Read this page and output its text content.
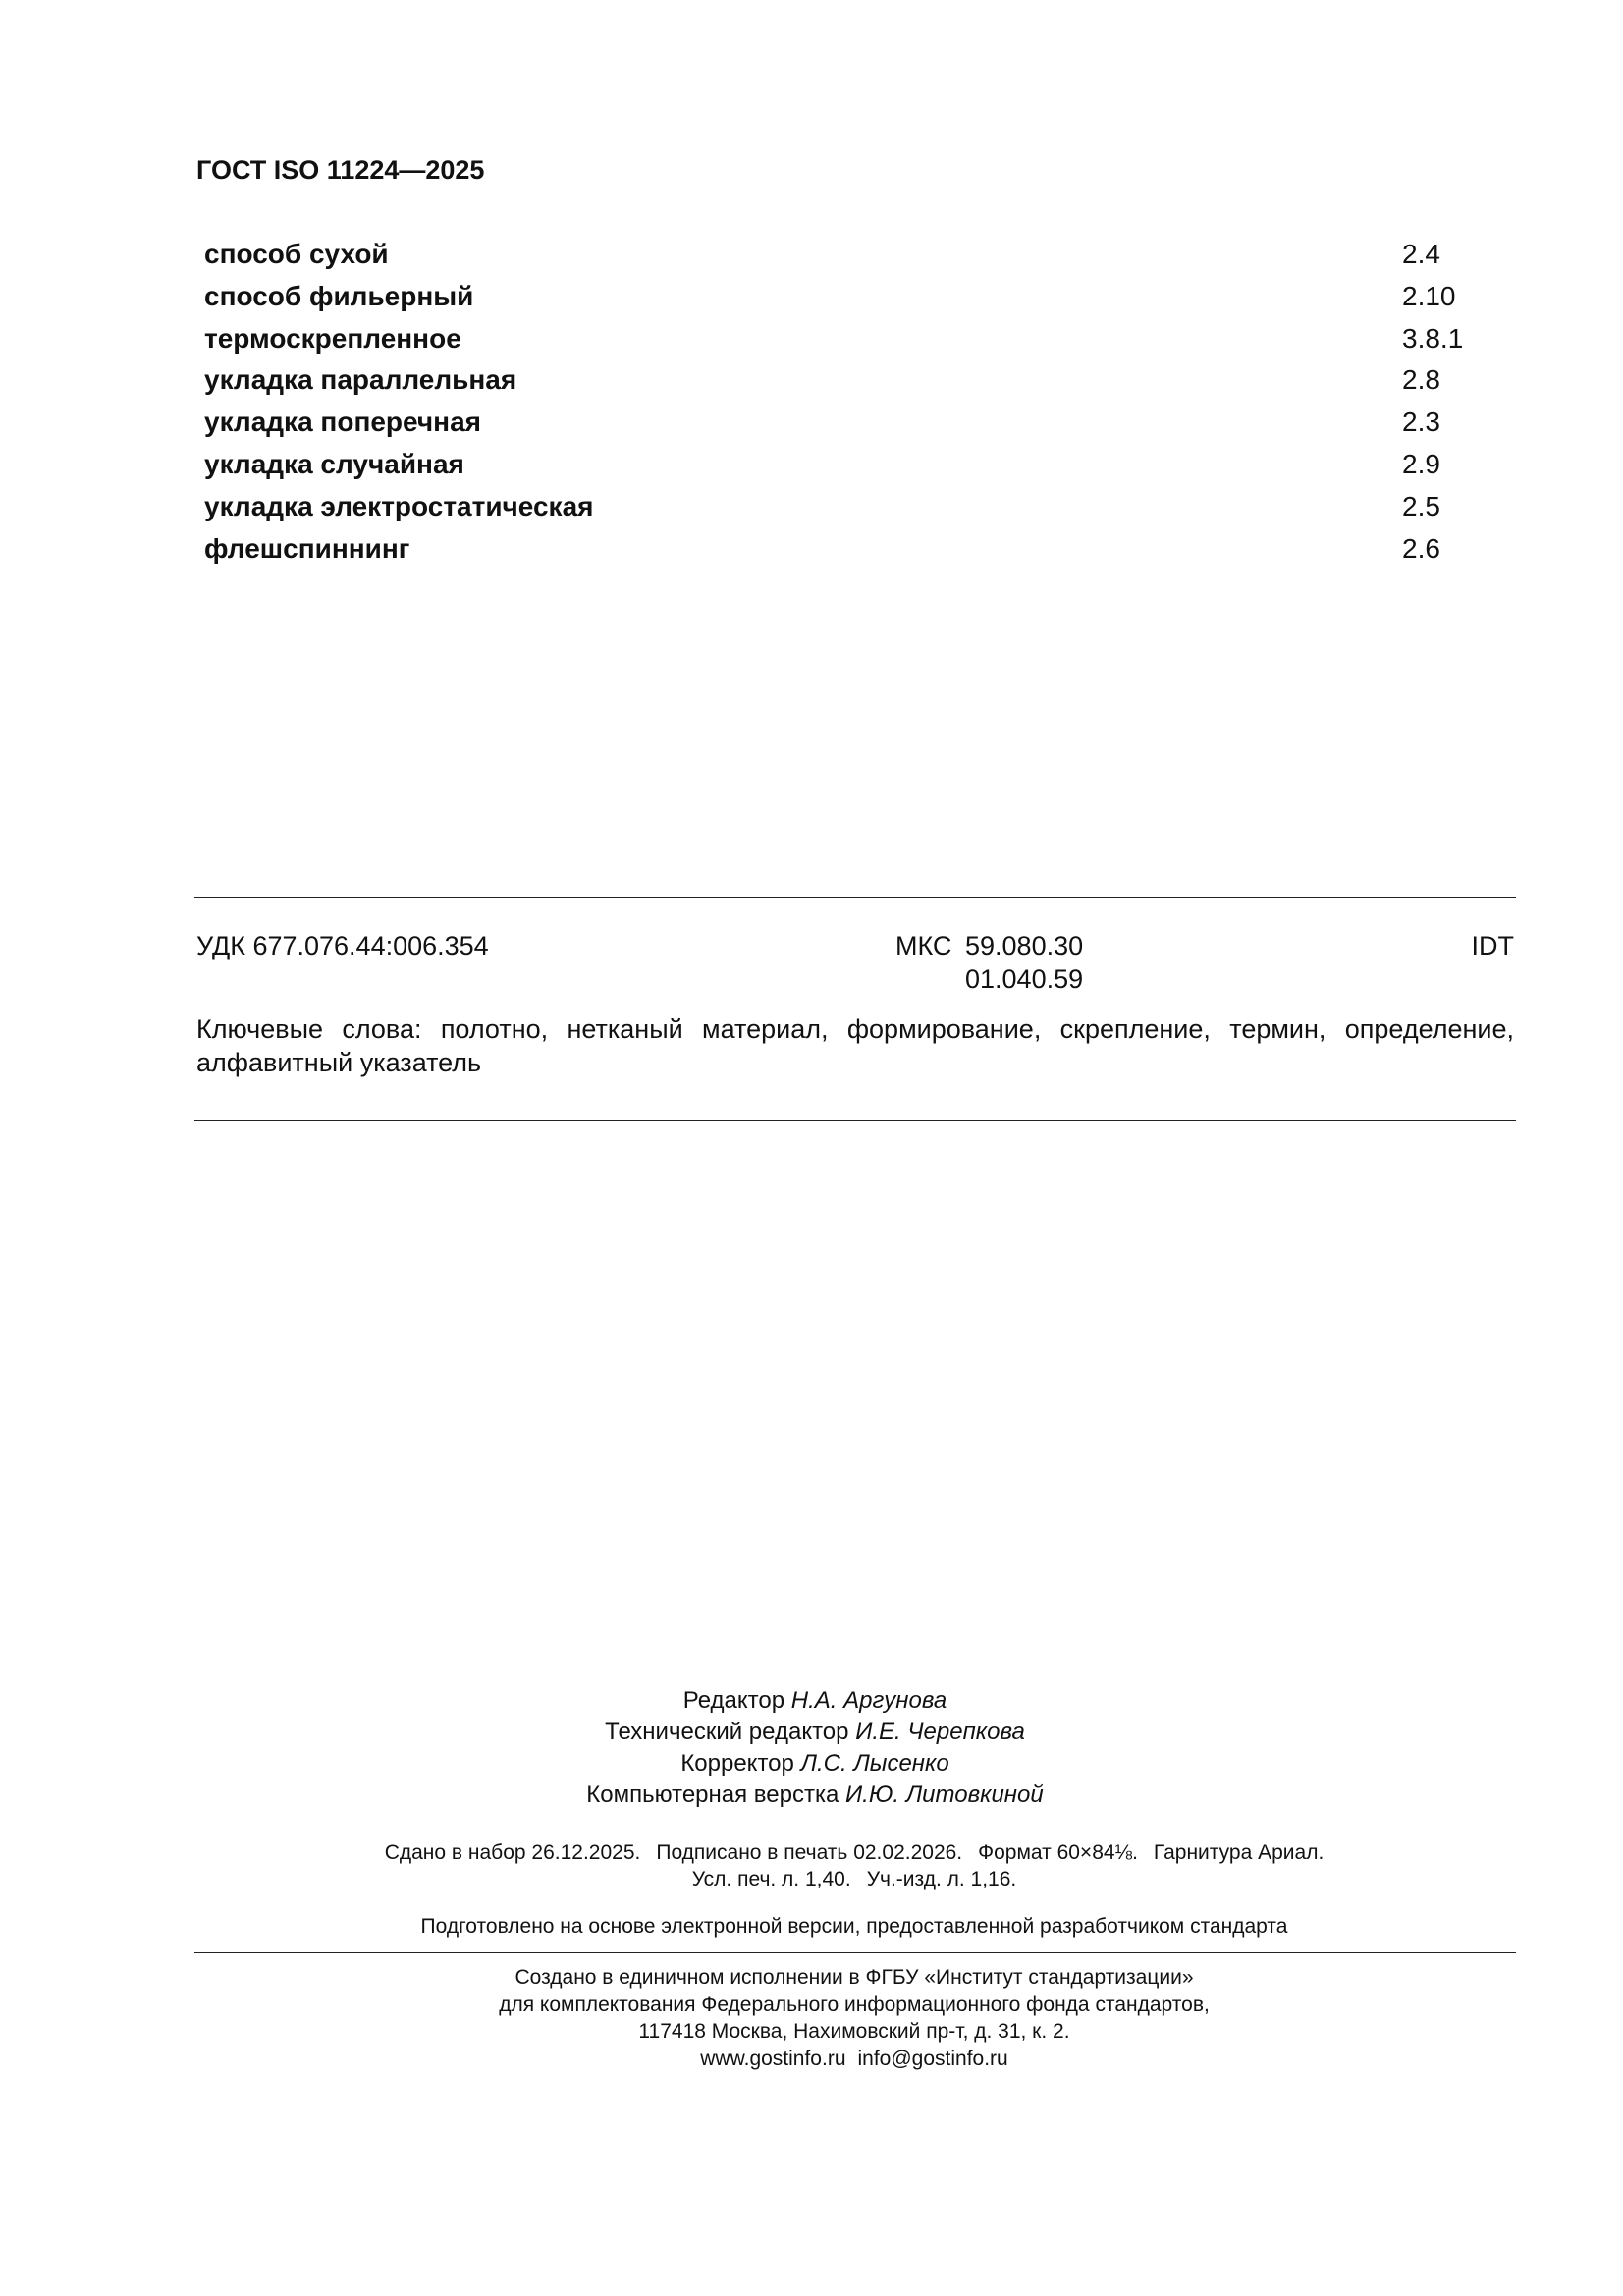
ГОСТ ISO 11224—2025
способ сухой	2.4
способ фильерный	2.10
термоскрепленное	3.8.1
укладка параллельная	2.8
укладка поперечная	2.3
укладка случайная	2.9
укладка электростатическая	2.5
флешспиннинг	2.6
УДК 677.076.44:006.354	МКС 59.080.30
01.040.59
IDT
Ключевые слова: полотно, нетканый материал, формирование, скрепление, термин, определение, алфавитный указатель
Редактор Н.А. Аргунова
Технический редактор И.Е. Черепкова
Корректор Л.С. Лысенко
Компьютерная верстка И.Ю. Литовкиной
Сдано в набор 26.12.2025. Подписано в печать 02.02.2026. Формат 60×84⅛. Гарнитура Ариал.
Усл. печ. л. 1,40. Уч.-изд. л. 1,16.
Подготовлено на основе электронной версии, предоставленной разработчиком стандарта
Создано в единичном исполнении в ФГБУ «Институт стандартизации»
для комплектования Федерального информационного фонда стандартов,
117418 Москва, Нахимовский пр-т, д. 31, к. 2.
www.gostinfo.ru info@gostinfo.ru
